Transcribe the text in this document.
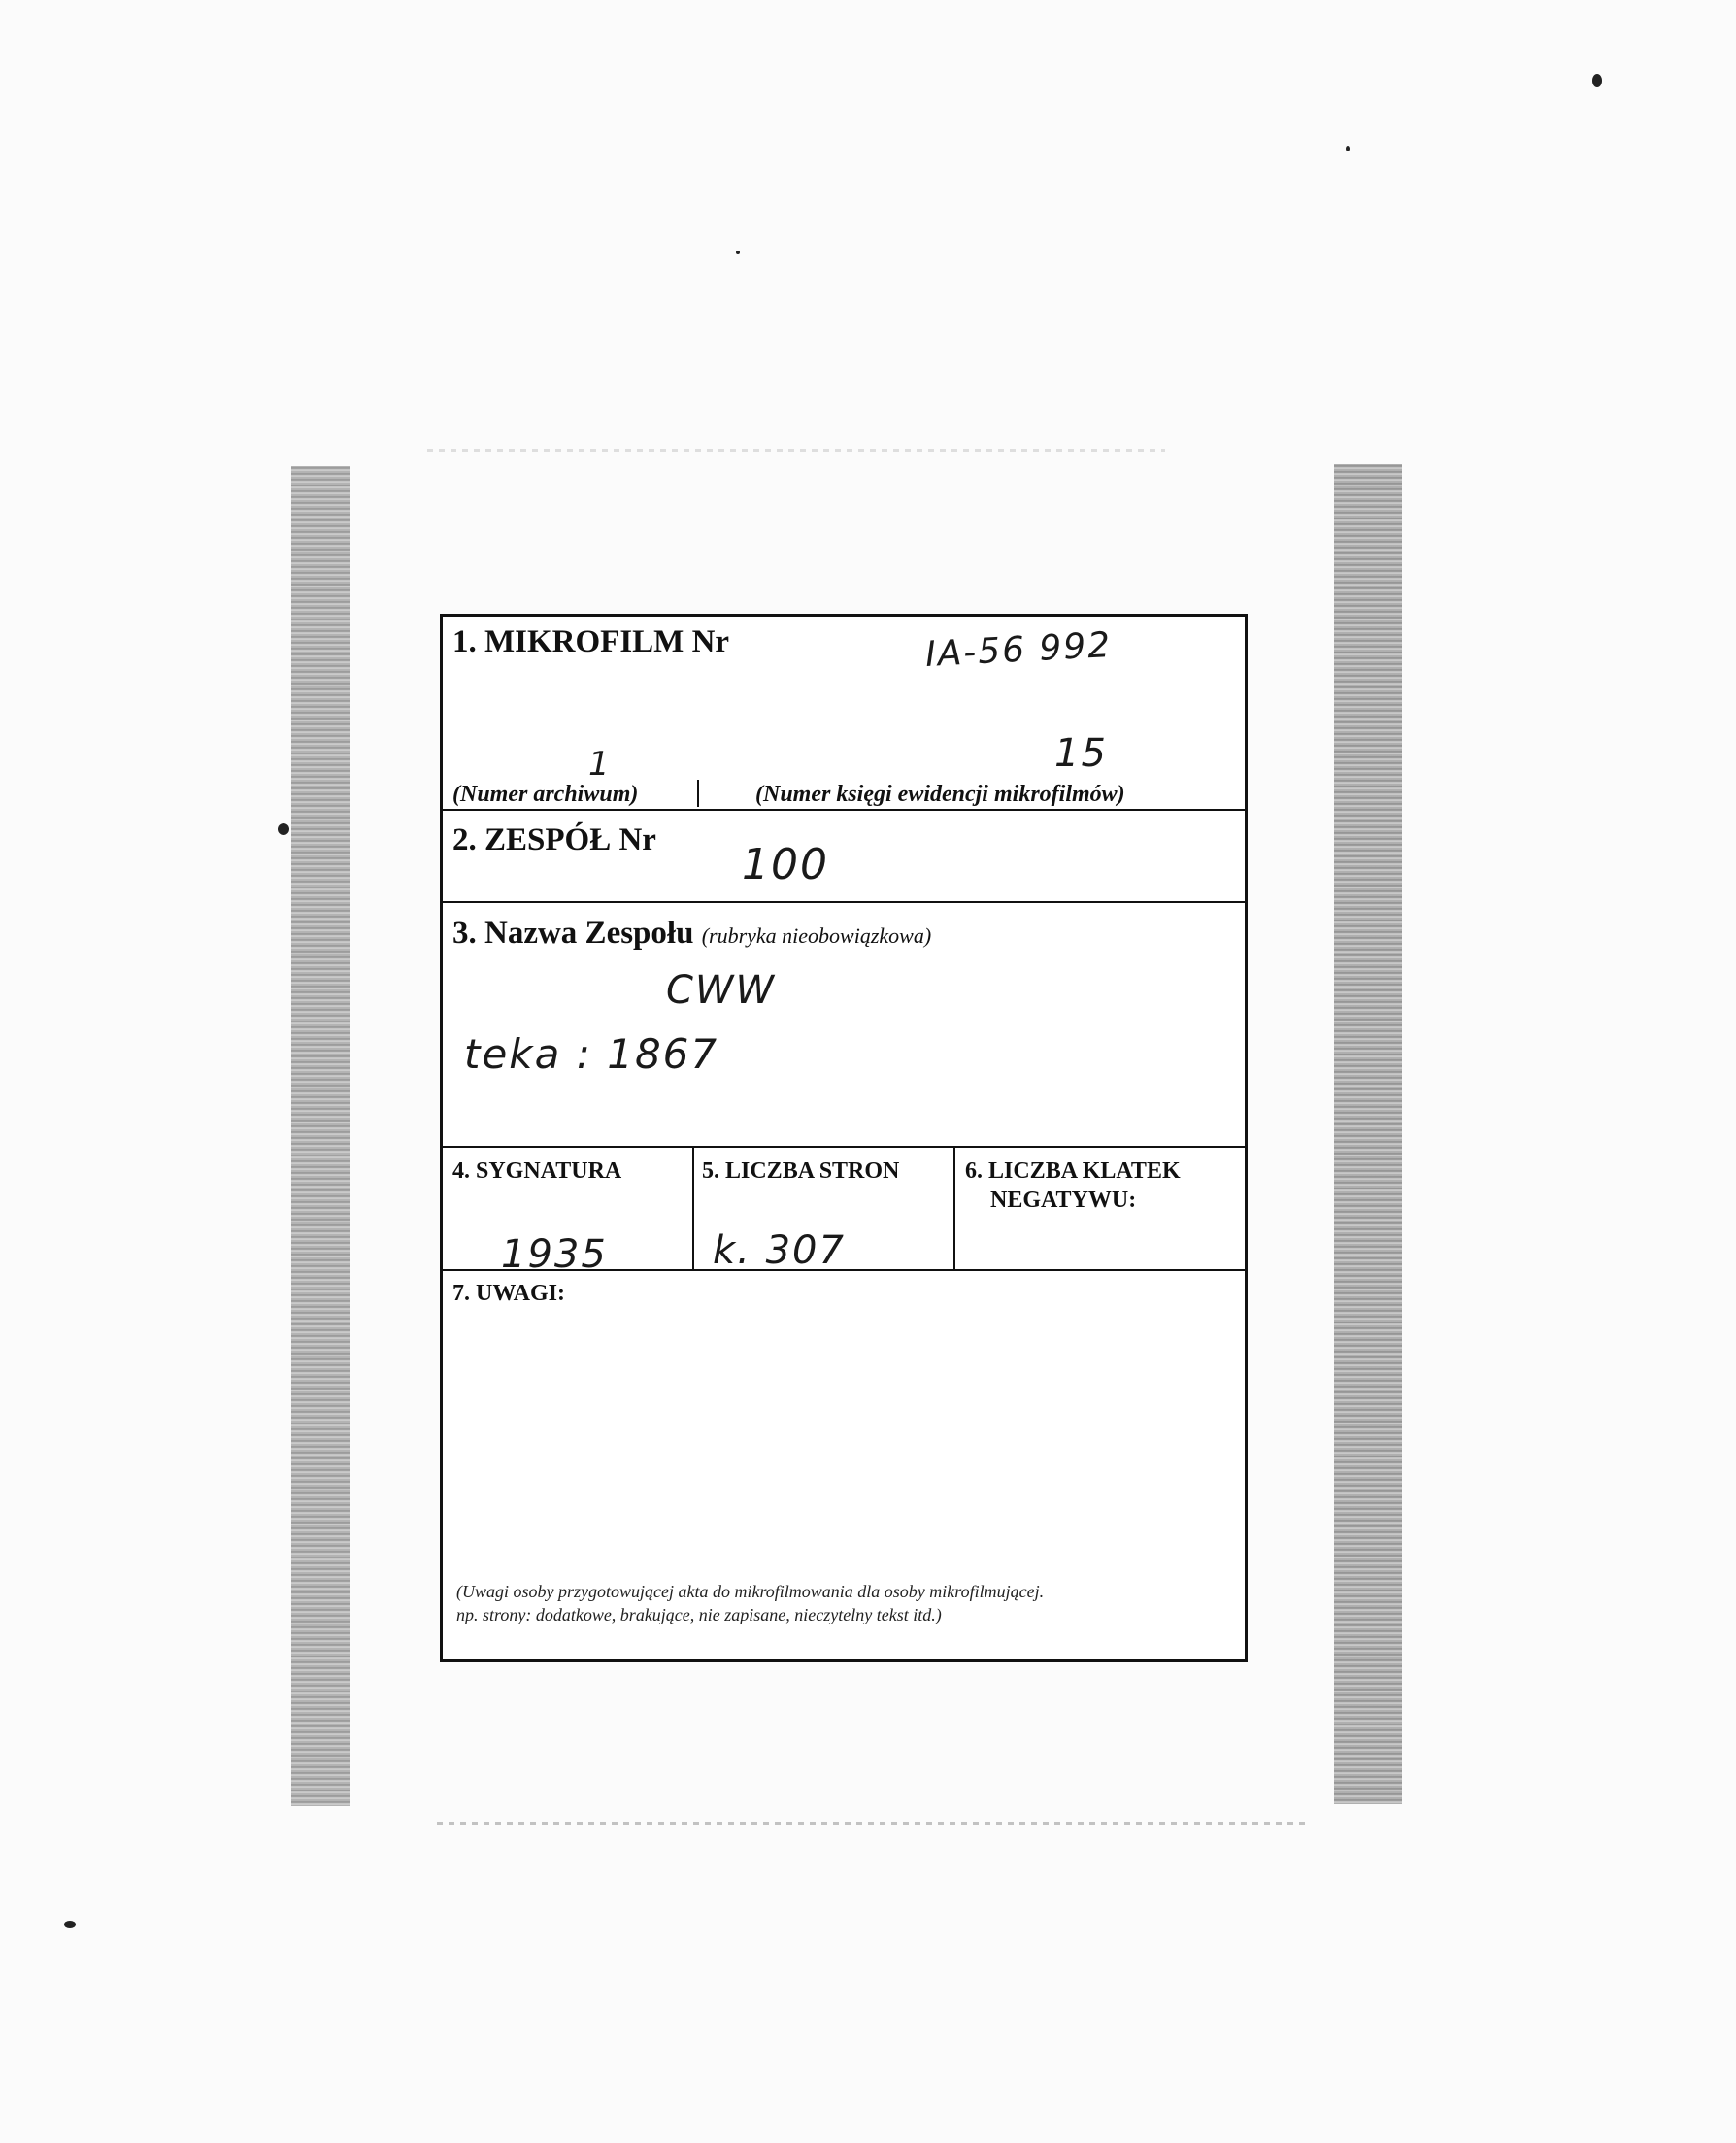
1. MIKROFILM Nr	IA-56 992
1	15
(Numer archiwum)	(Numer księgi ewidencji mikrofilmów)
2. ZESPÓŁ Nr 100
3. Nazwa Zespołu (rubryka nieobowiązkowa)
CWW
teka : 1867
4. SYGNATURA
1935
5. LICZBA STRON
k. 307
6. LICZBA KLATEK
NEGATYWU:
7. UWAGI:
(Uwagi osoby przygotowującej akta do mikrofilmowania dla osoby mikrofilmującej.
np. strony: dodatkowe, brakujące, nie zapisane, nieczytelny tekst itd.)
